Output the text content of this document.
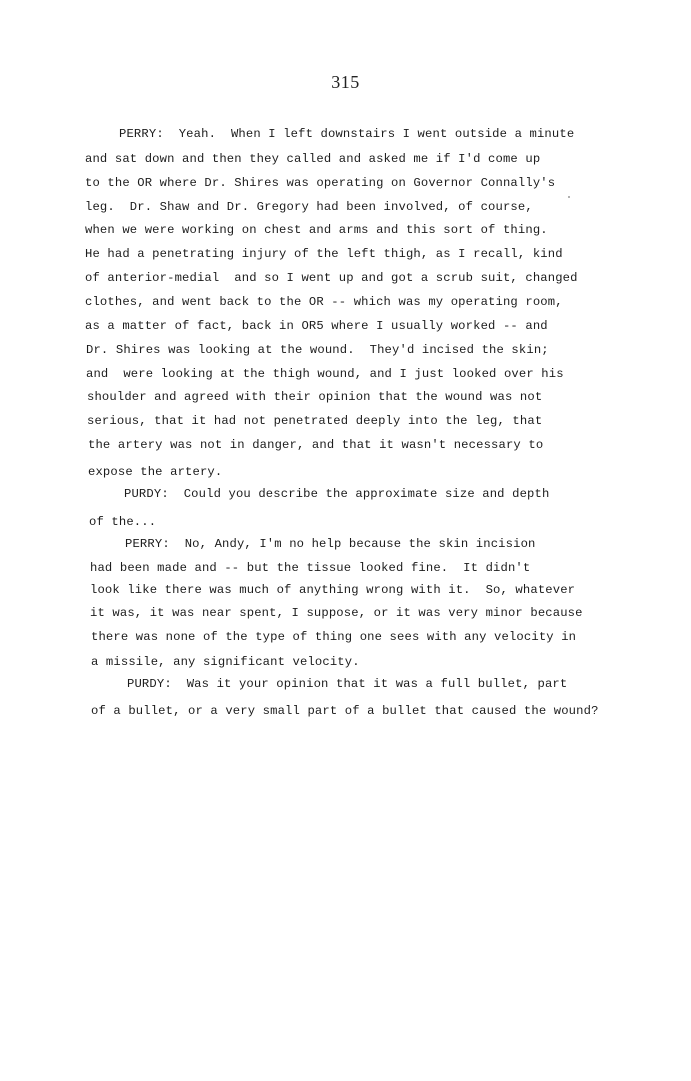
315
PERRY:  Yeah.  When I left downstairs I went outside a minute
and sat down and then they called and asked me if I'd come up
to the OR where Dr. Shires was operating on Governor Connally's
leg.  Dr. Shaw and Dr. Gregory had been involved, of course,
when we were working on chest and arms and this sort of thing.
He had a penetrating injury of the left thigh, as I recall, kind
of anterior-medial  and so I went up and got a scrub suit, changed
clothes, and went back to the OR -- which was my operating room,
as a matter of fact, back in OR5 where I usually worked -- and
Dr. Shires was looking at the wound.  They'd incised the skin;
and  were looking at the thigh wound, and I just looked over his
shoulder and agreed with their opinion that the wound was not
serious, that it had not penetrated deeply into the leg, that
the artery was not in danger, and that it wasn't necessary to
expose the artery.
PURDY:  Could you describe the approximate size and depth
of the...
PERRY:  No, Andy, I'm no help because the skin incision
had been made and -- but the tissue looked fine.  It didn't
look like there was much of anything wrong with it.  So, whatever
it was, it was near spent, I suppose, or it was very minor because
there was none of the type of thing one sees with any velocity in
a missile, any significant velocity.
PURDY:  Was it your opinion that it was a full bullet, part
of a bullet, or a very small part of a bullet that caused the wound?
